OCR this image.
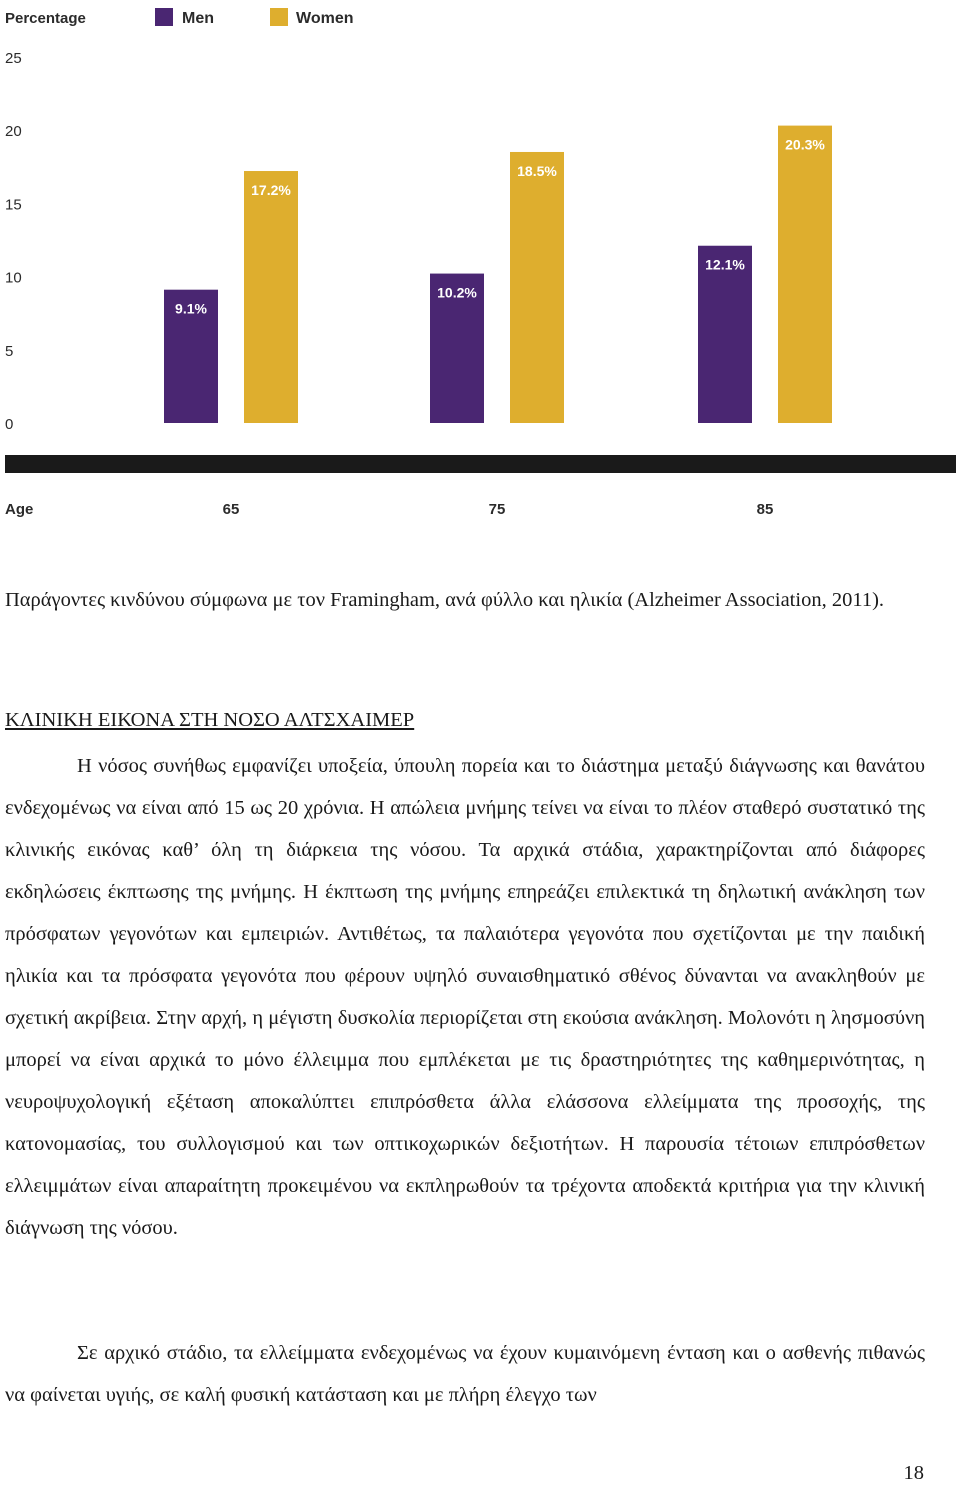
Percentage	Men	Women
0
5
10
15
20
25
9.1%
17.2%
10.2%
18.5%
12.1%
20.3%
Age	65	75	85
Παράγοντες κινδύνου σύμφωνα με τον Framingham, ανά φύλλο και ηλικία (Alzheimer Association, 2011).
ΚΛΙΝΙΚΗ ΕΙΚΟΝΑ ΣΤΗ ΝΟΣΟ ΑΛΤΣΧΑΙΜΕΡ
Η νόσος συνήθως εμφανίζει υποξεία, ύπουλη πορεία και το διάστημα μεταξύ διάγνωσης και θανάτου ενδεχομένως να είναι από 15 ως 20 χρόνια. Η απώλεια μνήμης τείνει να είναι το πλέον σταθερό συστατικό της κλινικής εικόνας καθ’ όλη τη διάρκεια της νόσου. Τα αρχικά στάδια, χαρακτηρίζονται από διάφορες εκδηλώσεις έκπτωσης της μνήμης. Η έκπτωση της μνήμης επηρεάζει επιλεκτικά τη δηλωτική ανάκληση των πρόσφατων γεγονότων και εμπειριών. Αντιθέτως, τα παλαιότερα γεγονότα που σχετίζονται με την παιδική ηλικία και τα πρόσφατα γεγονότα που φέρουν υψηλό συναισθηματικό σθένος δύνανται να ανακληθούν με σχετική ακρίβεια. Στην αρχή, η μέγιστη δυσκολία περιορίζεται στη εκούσια ανάκληση. Μολονότι η λησμοσύνη μπορεί να είναι αρχικά το μόνο έλλειμμα που εμπλέκεται με τις δραστηριότητες της καθημερινότητας, η νευροψυχολογική εξέταση αποκαλύπτει επιπρόσθετα άλλα ελάσσονα ελλείμματα της προσοχής, της κατονομασίας, του συλλογισμού και των οπτικοχωρικών δεξιοτήτων. Η παρουσία τέτοιων επιπρόσθετων ελλειμμάτων είναι απαραίτητη προκειμένου να εκπληρωθούν τα τρέχοντα αποδεκτά κριτήρια για την κλινική διάγνωση της νόσου.
Σε αρχικό στάδιο, τα ελλείμματα ενδεχομένως να έχουν κυμαινόμενη ένταση και ο ασθενής πιθανώς να φαίνεται υγιής, σε καλή φυσική κατάσταση και με πλήρη έλεγχο των
18
